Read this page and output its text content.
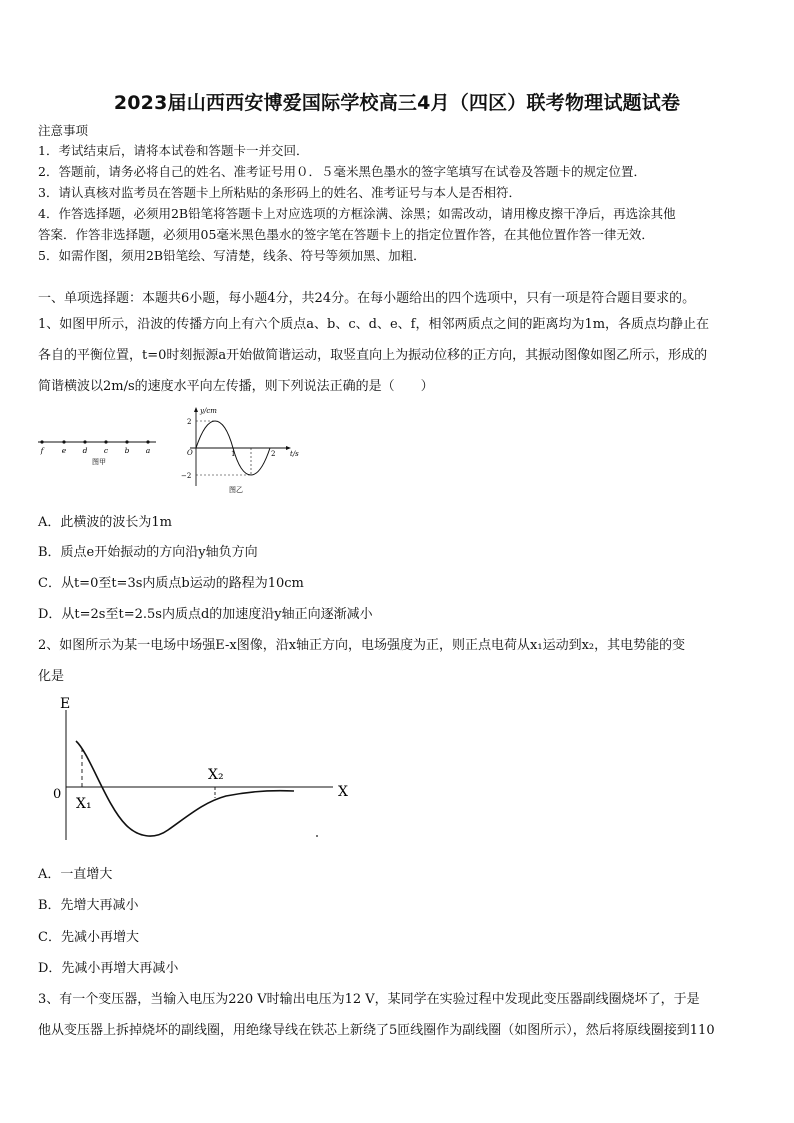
2023届山西西安博爱国际学校高三4月（四区）联考物理试题试卷
注意事项
1．考试结束后，请将本试卷和答题卡一并交回．
2．答题前，请务必将自己的姓名、准考证号用０．５毫米黑色墨水的签字笔填写在试卷及答题卡的规定位置．
3．请认真核对监考员在答题卡上所粘贴的条形码上的姓名、准考证号与本人是否相符．
4．作答选择题，必须用2B铅笔将答题卡上对应选项的方框涂满、涂黑；如需改动，请用橡皮擦干净后，再选涂其他
答案．作答非选择题，必须用05毫米黑色墨水的签字笔在答题卡上的指定位置作答，在其他位置作答一律无效．
5．如需作图，须用2B铅笔绘、写清楚，线条、符号等须加黑、加粗．
一、单项选择题：本题共6小题，每小题4分，共24分。在每小题给出的四个选项中，只有一项是符合题目要求的。
1、如图甲所示，沿波的传播方向上有六个质点a、b、c、d、e、f，相邻两质点之间的距离均为1m，各质点均静止在
各自的平衡位置，t=0时刻振源a开始做简谐运动，取竖直向上为振动位移的正方向，其振动图像如图乙所示，形成的
简谐横波以2m/s的速度水平向左传播，则下列说法正确的是（　　）
f e d c b a
图甲
y/cm
t/s
2
−2
O	1	2
图乙
A．此横波的波长为1m
B．质点e开始振动的方向沿y轴负方向
C．从t=0至t=3s内质点b运动的路程为10cm
D．从t=2s至t=2.5s内质点d的加速度沿y轴正向逐渐减小
2、如图所示为某一电场中场强E-x图像，沿x轴正方向，电场强度为正，则正点电荷从x₁运动到x₂，其电势能的变
化是
E
X
0
X₁
X₂
A．一直增大
B．先增大再减小
C．先减小再增大
D．先减小再增大再减小
3、有一个变压器，当输入电压为220 V时输出电压为12 V，某同学在实验过程中发现此变压器副线圈烧坏了，于是
他从变压器上拆掉烧坏的副线圈，用绝缘导线在铁芯上新绕了5匝线圈作为副线圈（如图所示），然后将原线圈接到110
